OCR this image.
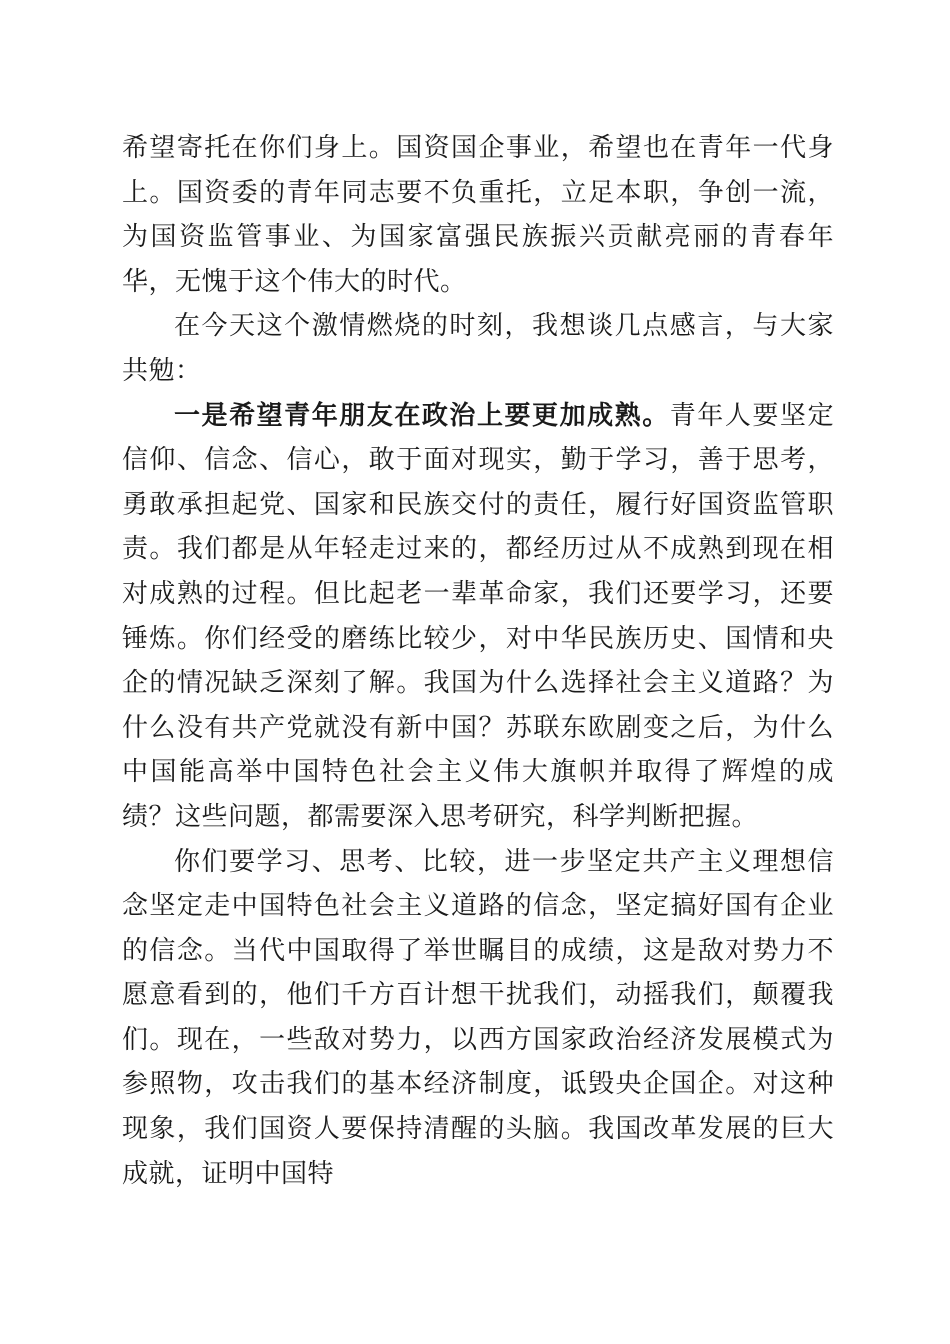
希望寄托在你们身上。国资国企事业，希望也在青年一代身上。国资委的青年同志要不负重托，立足本职，争创一流，为国资监管事业、为国家富强民族振兴贡献亮丽的青春年华，无愧于这个伟大的时代。

在今天这个激情燃烧的时刻，我想谈几点感言，与大家共勉：

一是希望青年朋友在政治上要更加成熟。青年人要坚定信仰、信念、信心，敢于面对现实，勤于学习，善于思考，勇敢承担起党、国家和民族交付的责任，履行好国资监管职责。我们都是从年轻走过来的，都经历过从不成熟到现在相对成熟的过程。但比起老一辈革命家，我们还要学习，还要锤炼。你们经受的磨练比较少，对中华民族历史、国情和央企的情况缺乏深刻了解。我国为什么选择社会主义道路？为什么没有共产党就没有新中国？苏联东欧剧变之后，为什么中国能高举中国特色社会主义伟大旗帜并取得了辉煌的成绩？这些问题，都需要深入思考研究，科学判断把握。

你们要学习、思考、比较，进一步坚定共产主义理想信念坚定走中国特色社会主义道路的信念，坚定搞好国有企业的信念。当代中国取得了举世瞩目的成绩，这是敌对势力不愿意看到的，他们千方百计想干扰我们，动摇我们，颠覆我们。现在，一些敌对势力，以西方国家政治经济发展模式为参照物，攻击我们的基本经济制度，诋毁央企国企。对这种现象，我们国资人要保持清醒的头脑。我国改革发展的巨大成就，证明中国特
